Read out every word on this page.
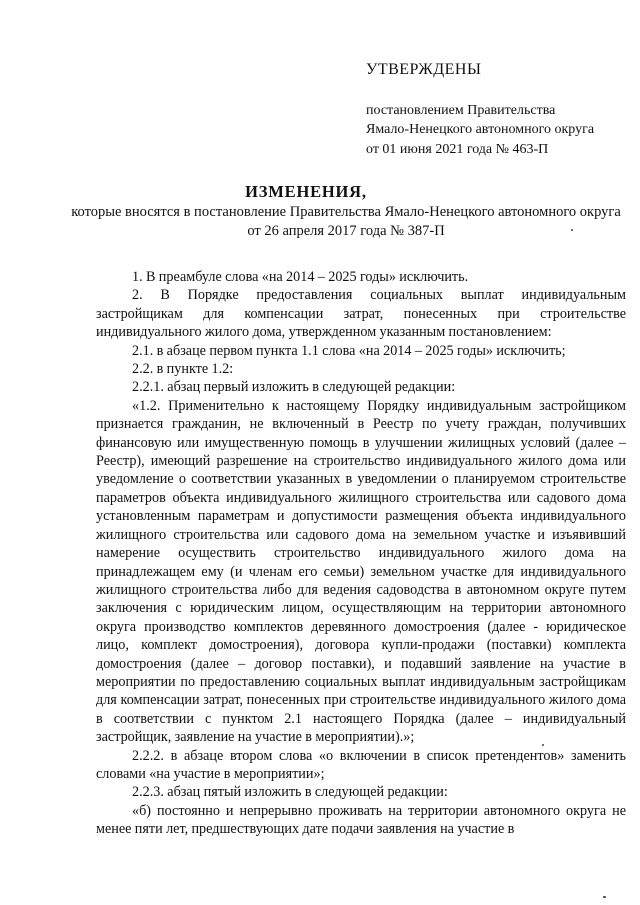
УТВЕРЖДЕНЫ
постановлением Правительства
Ямало-Ненецкого автономного округа
от 01 июня 2021 года № 463-П
ИЗМЕНЕНИЯ,
которые вносятся в постановление Правительства Ямало-Ненецкого автономного округа от 26 апреля 2017 года № 387-П

1. В преамбуле слова «на 2014 – 2025 годы» исключить.

2. В Порядке предоставления социальных выплат индивидуальным застройщикам для компенсации затрат, понесенных при строительстве индивидуального жилого дома, утвержденном указанным постановлением:

2.1. в абзаце первом пункта 1.1 слова «на 2014 – 2025 годы» исключить;

2.2. в пункте 1.2:

2.2.1. абзац первый изложить в следующей редакции:

«1.2. Применительно к настоящему Порядку индивидуальным застройщиком признается гражданин, не включенный в Реестр по учету граждан, получивших финансовую или имущественную помощь в улучшении жилищных условий (далее – Реестр), имеющий разрешение на строительство индивидуального жилого дома или уведомление о соответствии указанных в уведомлении о планируемом строительстве параметров объекта индивидуального жилищного строительства или садового дома установленным параметрам и допустимости размещения объекта индивидуального жилищного строительства или садового дома на земельном участке и изъявивший намерение осуществить строительство индивидуального жилого дома на принадлежащем ему (и членам его семьи) земельном участке для индивидуального жилищного строительства либо для ведения садоводства в автономном округе путем заключения с юридическим лицом, осуществляющим на территории автономного округа производство комплектов деревянного домостроения (далее - юридическое лицо, комплект домостроения), договора купли-продажи (поставки) комплекта домостроения (далее – договор поставки), и подавший заявление на участие в мероприятии по предоставлению социальных выплат индивидуальным застройщикам для компенсации затрат, понесенных при строительстве индивидуального жилого дома в соответствии с пунктом 2.1 настоящего Порядка (далее – индивидуальный застройщик, заявление на участие в мероприятии).»;

2.2.2. в абзаце втором слова «о включении в список претендентов» заменить словами «на участие в мероприятии»;

2.2.3. абзац пятый изложить в следующей редакции:

«б) постоянно и непрерывно проживать на территории автономного округа не менее пяти лет, предшествующих дате подачи заявления на участие в
